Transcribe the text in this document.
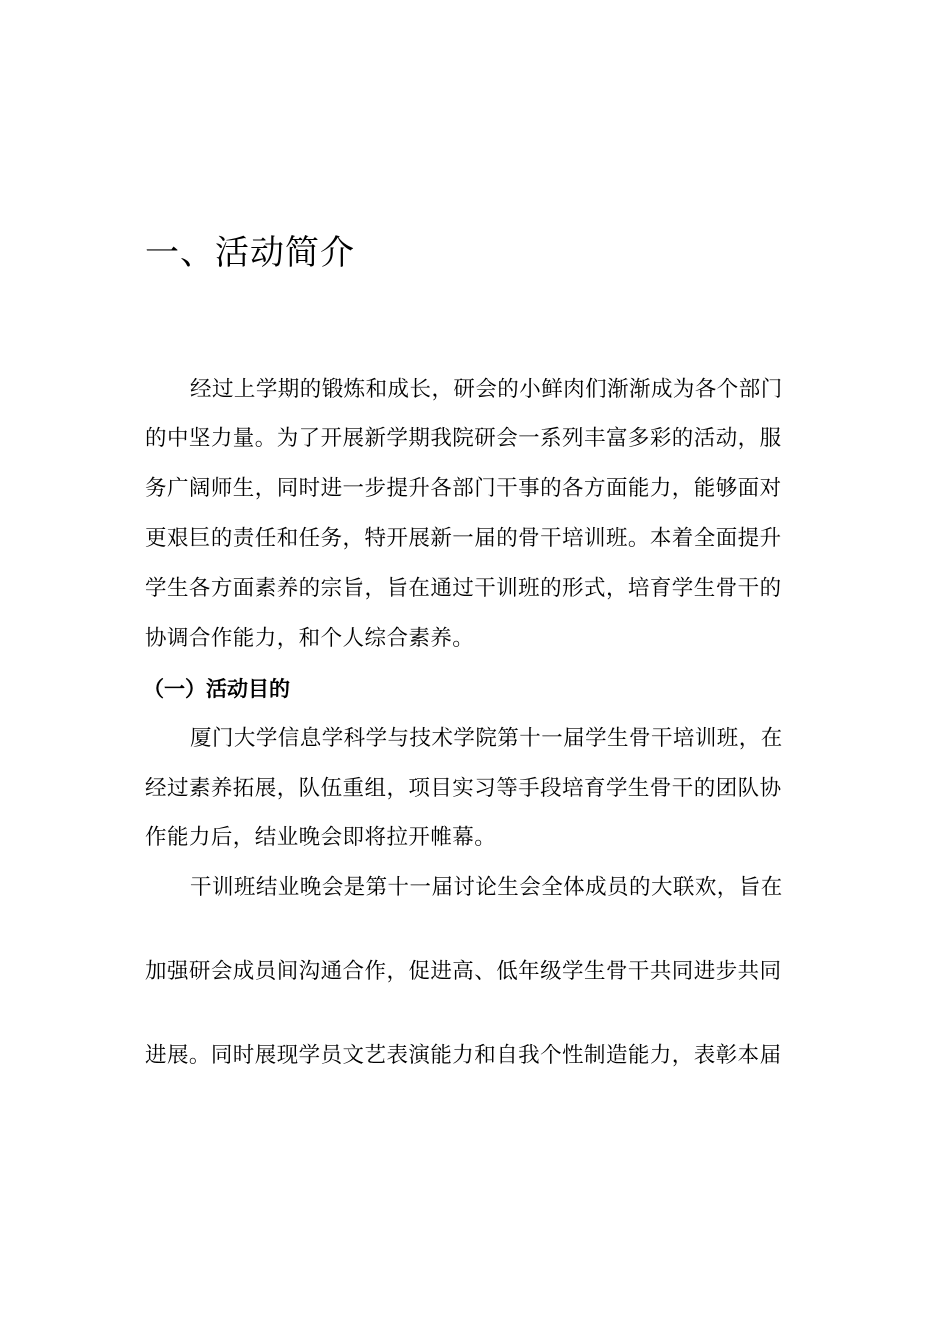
一、活动简介
经过上学期的锻炼和成长，研会的小鲜肉们渐渐成为各个部门
的中坚力量。为了开展新学期我院研会一系列丰富多彩的活动，服
务广阔师生，同时进一步提升各部门干事的各方面能力，能够面对
更艰巨的责任和任务，特开展新一届的骨干培训班。本着全面提升
学生各方面素养的宗旨，旨在通过干训班的形式，培育学生骨干的
协调合作能力，和个人综合素养。
（一）活动目的
厦门大学信息学科学与技术学院第十一届学生骨干培训班，在
经过素养拓展，队伍重组，项目实习等手段培育学生骨干的团队协
作能力后，结业晚会即将拉开帷幕。
干训班结业晚会是第十一届讨论生会全体成员的大联欢，旨在
加强研会成员间沟通合作，促进高、低年级学生骨干共同进步共同
进展。同时展现学员文艺表演能力和自我个性制造能力，表彰本届
